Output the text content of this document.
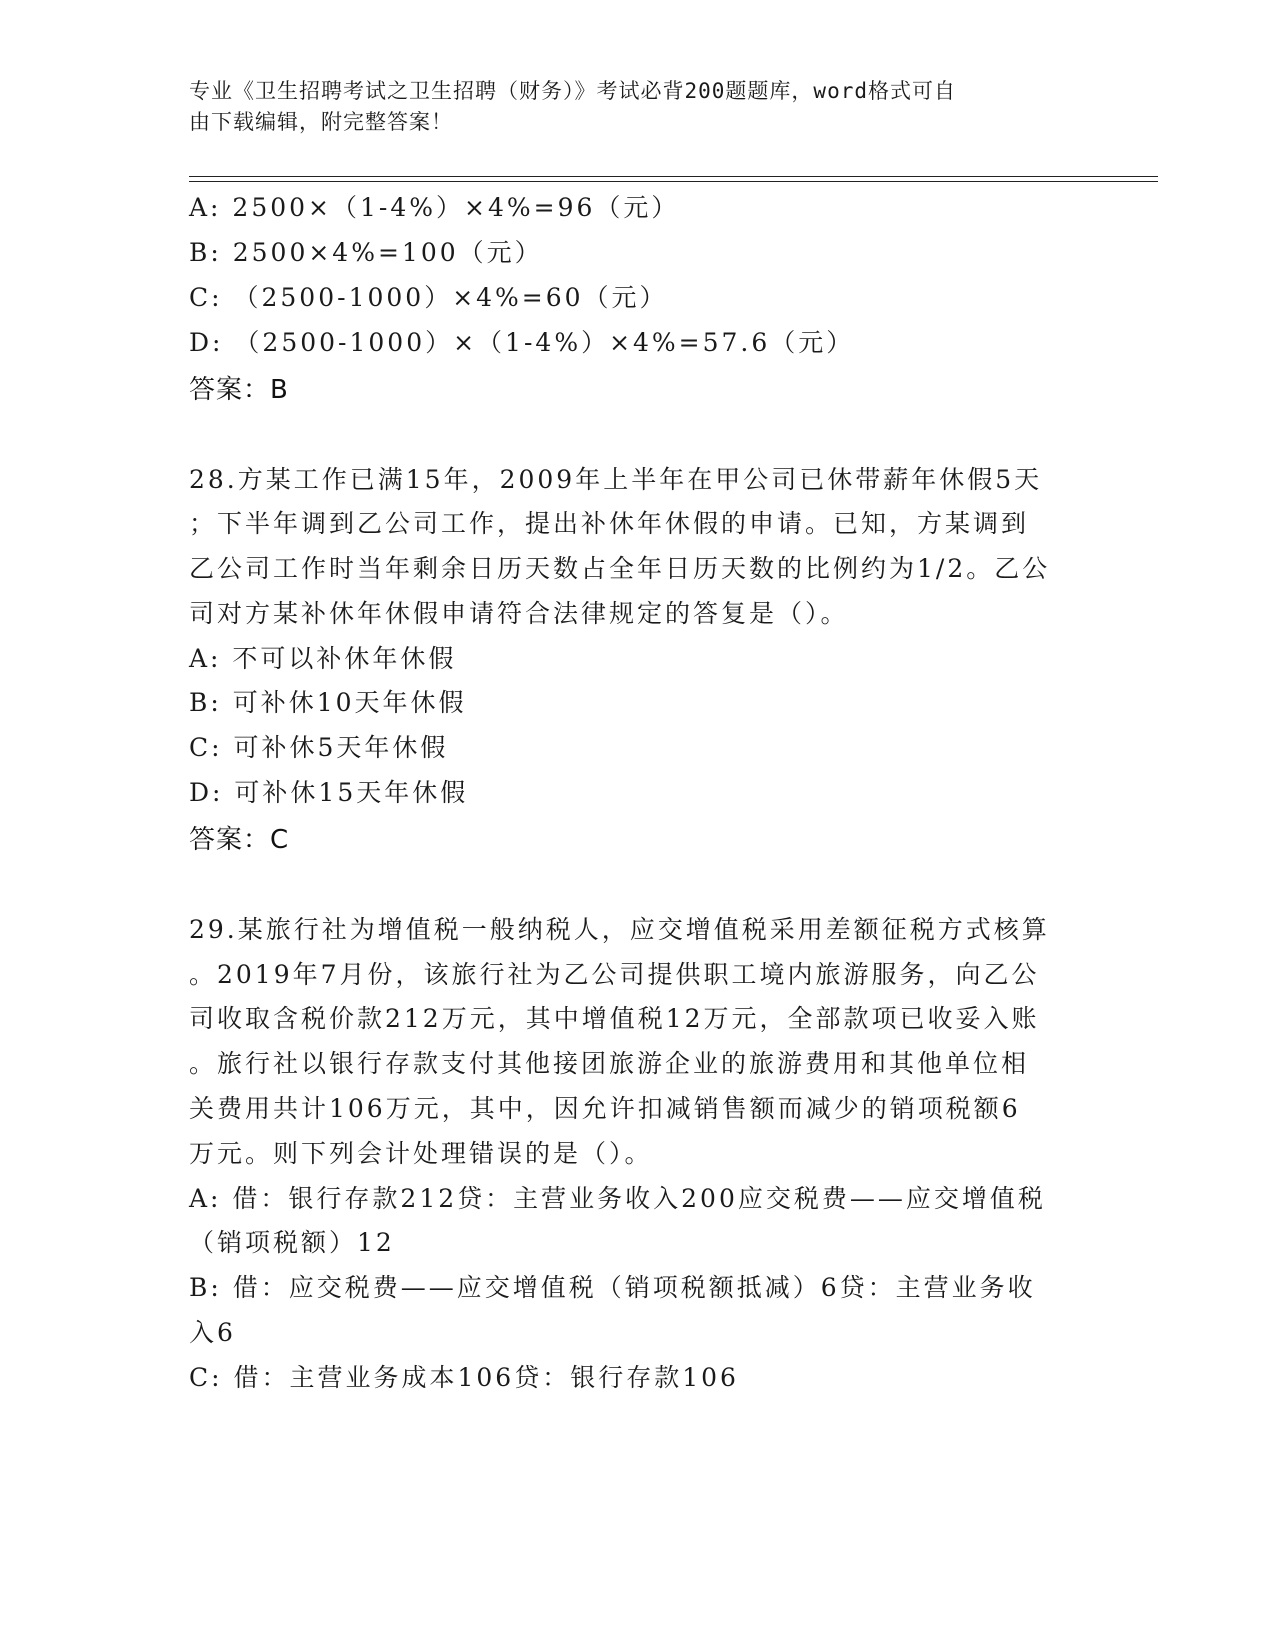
专业《卫生招聘考试之卫生招聘（财务）》考试必背200题题库，word格式可自
由下载编辑，附完整答案！
A: 2500×（1-4%）×4%=96（元）
B: 2500×4%=100（元）
C: （2500-1000）×4%=60（元）
D: （2500-1000）×（1-4%）×4%=57.6（元）
答案：B
28.方某工作已满15年，2009年上半年在甲公司已休带薪年休假5天
；下半年调到乙公司工作，提出补休年休假的申请。已知，方某调到
乙公司工作时当年剩余日历天数占全年日历天数的比例约为1/2。乙公
司对方某补休年休假申请符合法律规定的答复是（）。
A: 不可以补休年休假
B: 可补休10天年休假
C: 可补休5天年休假
D: 可补休15天年休假
答案：C
29.某旅行社为增值税一般纳税人，应交增值税采用差额征税方式核算
。2019年7月份，该旅行社为乙公司提供职工境内旅游服务，向乙公
司收取含税价款212万元，其中增值税12万元，全部款项已收妥入账
。旅行社以银行存款支付其他接团旅游企业的旅游费用和其他单位相
关费用共计106万元，其中，因允许扣减销售额而减少的销项税额6
万元。则下列会计处理错误的是（）。
A: 借：银行存款212贷：主营业务收入200应交税费——应交增值税
（销项税额）12
B: 借：应交税费——应交增值税（销项税额抵减）6贷：主营业务收
入6
C: 借：主营业务成本106贷：银行存款106
